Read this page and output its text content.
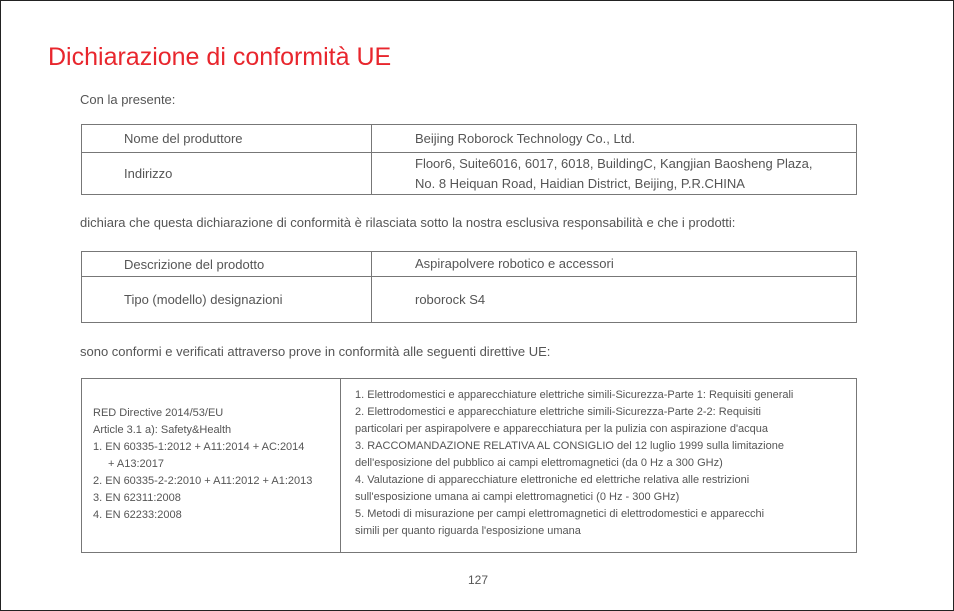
Dichiarazione di conformità UE
Con la presente:
Nome del produttore	Beijing Roborock Technology Co., Ltd.
Indirizzo	Floor6, Suite6016, 6017, 6018, BuildingC, Kangjian Baosheng Plaza,
No. 8 Heiquan Road, Haidian District, Beijing, P.R.CHINA
dichiara che questa dichiarazione di conformità è rilasciata sotto la nostra esclusiva responsabilità e che i prodotti:
Descrizione del prodotto	Aspirapolvere robotico e accessori
Tipo (modello) designazioni	roborock S4
sono conformi e verificati attraverso prove in conformità alle seguenti direttive UE:
RED Directive 2014/53/EU
Article 3.1 a): Safety&Health
1. EN 60335-1:2012 + A11:2014 + AC:2014
+ A13:2017
2. EN 60335-2-2:2010 + A11:2012 + A1:2013
3. EN 62311:2008
4. EN 62233:2008

1. Elettrodomestici e apparecchiature elettriche simili-Sicurezza-Parte 1: Requisiti generali
2. Elettrodomestici e apparecchiature elettriche simili-Sicurezza-Parte 2-2: Requisiti
particolari per aspirapolvere e apparecchiatura per la pulizia con aspirazione d'acqua
3. RACCOMANDAZIONE RELATIVA AL CONSIGLIO del 12 luglio 1999 sulla limitazione
dell'esposizione del pubblico ai campi elettromagnetici (da 0 Hz a 300 GHz)
4. Valutazione di apparecchiature elettroniche ed elettriche relativa alle restrizioni
sull'esposizione umana ai campi elettromagnetici (0 Hz - 300 GHz)
5. Metodi di misurazione per campi elettromagnetici di elettrodomestici e apparecchi
simili per quanto riguarda l'esposizione umana
127
